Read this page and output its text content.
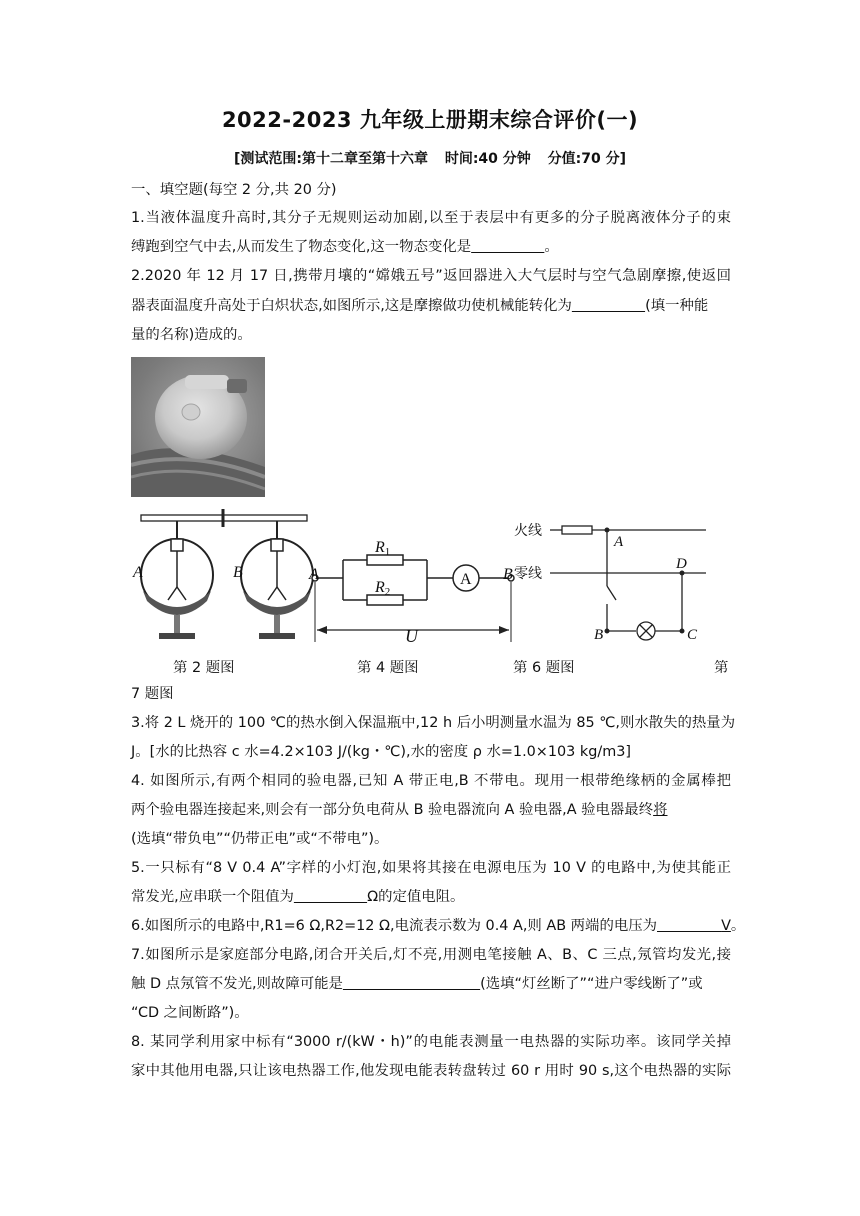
2022-2023 九年级上册期末综合评价(一)
[测试范围:第十二章至第十六章 时间:40 分钟 分值:70 分]
一、填空题(每空 2 分,共 20 分)
1.当液体温度升高时,其分子无规则运动加剧,以至于表层中有更多的分子脱离液体分子的束
缚跑到空气中去,从而发生了物态变化,这一物态变化是	。
2.2020 年 12 月 17 日,携带月壤的“嫦娥五号”返回器进入大气层时与空气急剧摩擦,使返回
器表面温度升高处于白炽状态,如图所示,这是摩擦做功使机械能转化为	(填一种能
量的名称)造成的。
A	B
R1
R2
A
U
A	B
火线
零线
A
D
B	C
第 2 题图	第 4 题图	第 6 题图	第
7 题图
3.将 2 L 烧开的 100 ℃的热水倒入保温瓶中,12 h 后小明测量水温为 85 ℃,则水散失的热量为
J。[水的比热容 c 水=4.2×103 J/(kg・℃),水的密度 ρ 水=1.0×103 kg/m3]
4. 如图所示,有两个相同的验电器,已知 A 带正电,B 不带电。现用一根带绝缘柄的金属棒把
两个验电器连接起来,则会有一部分负电荷从 B 验电器流向 A 验电器,A 验电器最终将
(选填“带负电”“仍带正电”或“不带电”)。
5.一只标有“8 V 0.4 A”字样的小灯泡,如果将其接在电源电压为 10 V 的电路中,为使其能正
常发光,应串联一个阻值为	Ω的定值电阻。
6.如图所示的电路中,R1=6 Ω,R2=12 Ω,电流表示数为 0.4 A,则 AB 两端的电压为	V。
7.如图所示是家庭部分电路,闭合开关后,灯不亮,用测电笔接触 A、B、C 三点,氖管均发光,接
触 D 点氖管不发光,则故障可能是	(选填“灯丝断了”“进户零线断了”或
“CD 之间断路”)。
8. 某同学利用家中标有“3000 r/(kW・h)”的电能表测量一电热器的实际功率。该同学关掉
家中其他用电器,只让该电热器工作,他发现电能表转盘转过 60 r 用时 90 s,这个电热器的实际
